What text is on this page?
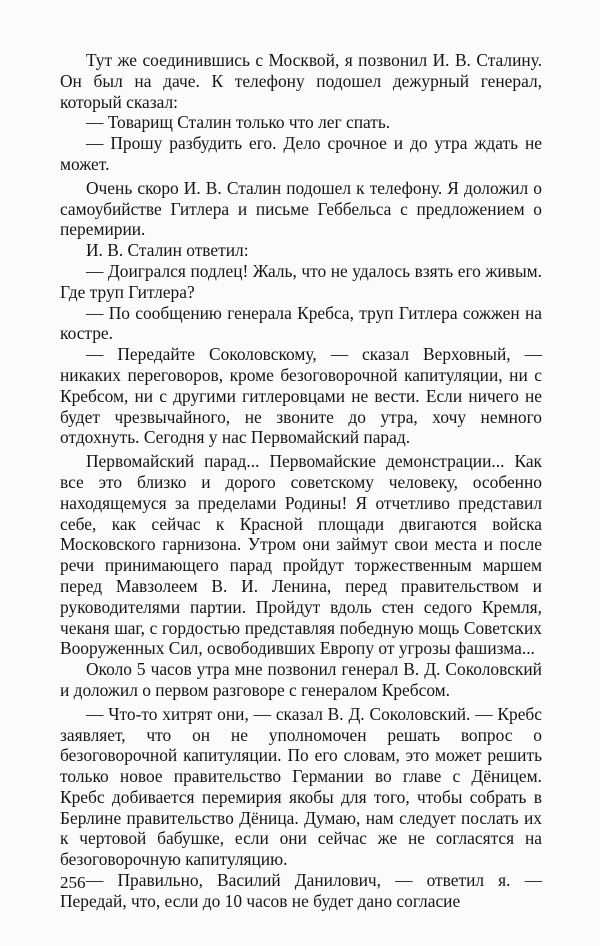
Тут же соединившись с Москвой, я позвонил И. В. Сталину. Он был на даче. К телефону подошел дежурный генерал, который сказал:

— Товарищ Сталин только что лег спать.

— Прошу разбудить его. Дело срочное и до утра ждать не может.

Очень скоро И. В. Сталин подошел к телефону. Я доложил о самоубийстве Гитлера и письме Геббельса с предложением о перемирии.

И. В. Сталин ответил:

— Доигрался подлец! Жаль, что не удалось взять его живым. Где труп Гитлера?

— По сообщению генерала Кребса, труп Гитлера сожжен на костре.

— Передайте Соколовскому, — сказал Верховный, — никаких переговоров, кроме безоговорочной капитуляции, ни с Кребсом, ни с другими гитлеровцами не вести. Если ничего не будет чрезвычайного, не звоните до утра, хочу немного отдохнуть. Сегодня у нас Первомайский парад.

Первомайский парад... Первомайские демонстрации... Как все это близко и дорого советскому человеку, особенно находящемуся за пределами Родины! Я отчетливо представил себе, как сейчас к Красной площади двигаются войска Московского гарнизона. Утром они займут свои места и после речи принимающего парад пройдут торжественным маршем перед Мавзолеем В. И. Ленина, перед правительством и руководителями партии. Пройдут вдоль стен седого Кремля, чеканя шаг, с гордостью представляя победную мощь Советских Вооруженных Сил, освободивших Европу от угрозы фашизма...

Около 5 часов утра мне позвонил генерал В. Д. Соколовский и доложил о первом разговоре с генералом Кребсом.

— Что-то хитрят они, — сказал В. Д. Соколовский. — Кребс заявляет, что он не уполномочен решать вопрос о безоговорочной капитуляции. По его словам, это может решить только новое правительство Германии во главе с Дёницем. Кребс добивается перемирия якобы для того, чтобы собрать в Берлине правительство Дёница. Думаю, нам следует послать их к чертовой бабушке, если они сейчас же не согласятся на безоговорочную капитуляцию.

— Правильно, Василий Данилович, — ответил я. — Передай, что, если до 10 часов не будет дано согласие

256
